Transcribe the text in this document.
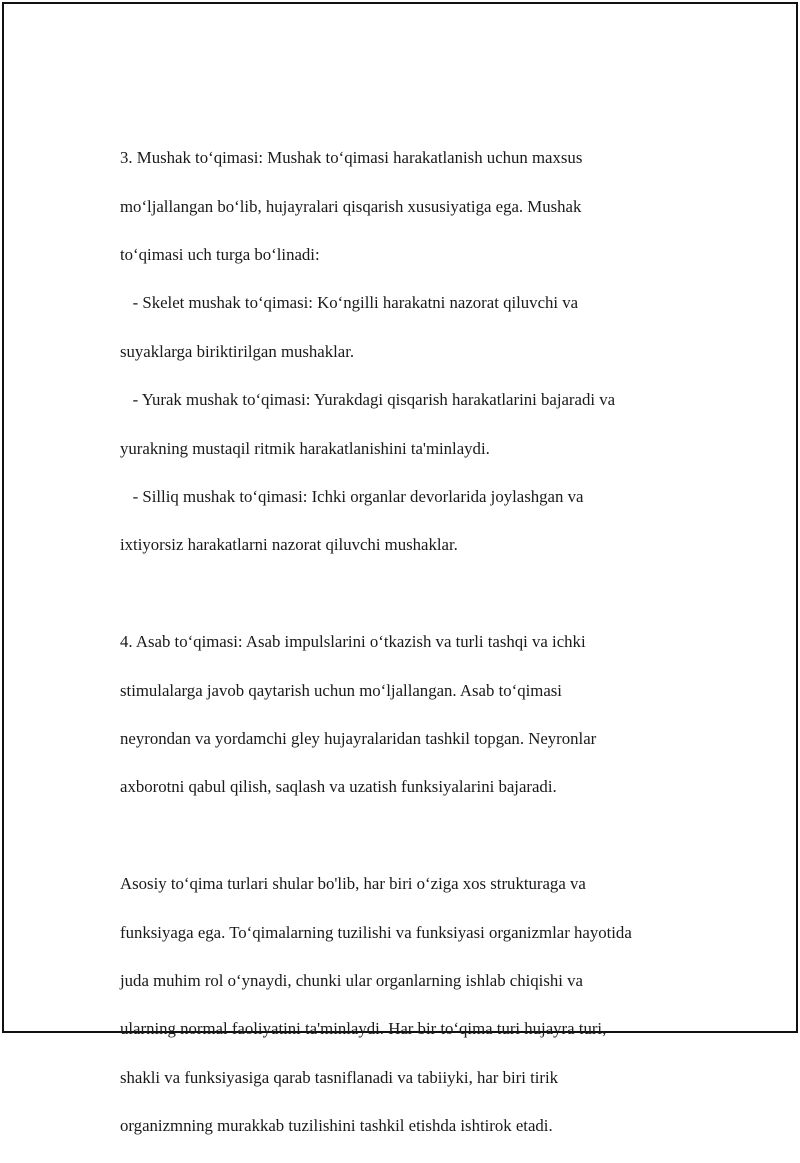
3. Mushak to‘qimasi: Mushak to‘qimasi harakatlanish uchun maxsus

mo‘ljallangan bo‘lib, hujayralari qisqarish xususiyatiga ega. Mushak

to‘qimasi uch turga bo‘linadi:

- Skelet mushak to‘qimasi: Ko‘ngilli harakatni nazorat qiluvchi va

suyaklarga biriktirilgan mushaklar.

- Yurak mushak to‘qimasi: Yurakdagi qisqarish harakatlarini bajaradi va

yurakning mustaqil ritmik harakatlanishini ta'minlaydi.

- Silliq mushak to‘qimasi: Ichki organlar devorlarida joylashgan va

ixtiyorsiz harakatlarni nazorat qiluvchi mushaklar.

4. Asab to‘qimasi: Asab impulslarini o‘tkazish va turli tashqi va ichki

stimulalarga javob qaytarish uchun mo‘ljallangan. Asab to‘qimasi

neyrondan va yordamchi gley hujayralaridan tashkil topgan. Neyronlar

axborotni qabul qilish, saqlash va uzatish funksiyalarini bajaradi.

Asosiy to‘qima turlari shular bo'lib, har biri o‘ziga xos strukturaga va

funksiyaga ega. To‘qimalarning tuzilishi va funksiyasi organizmlar hayotida

juda muhim rol o‘ynaydi, chunki ular organlarning ishlab chiqishi va

ularning normal faoliyatini ta'minlaydi. Har bir to‘qima turi hujayra turi,

shakli va funksiyasiga qarab tasniflanadi va tabiiyki, har biri tirik

organizmning murakkab tuzilishini tashkil etishda ishtirok etadi.
